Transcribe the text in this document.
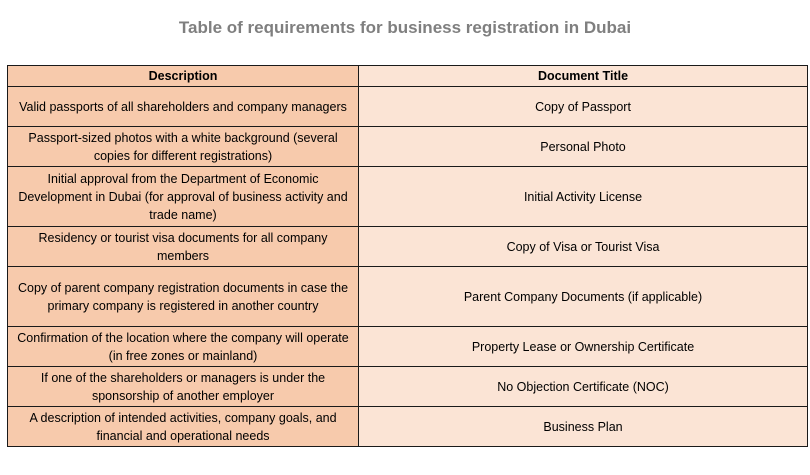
Table of requirements for business registration in Dubai
Description	Document Title
Valid passports of all shareholders and company managers	Copy of Passport
Passport-sized photos with a white background (several copies for different registrations)	Personal Photo
Initial approval from the Department of Economic Development in Dubai (for approval of business activity and trade name)	Initial Activity License
Residency or tourist visa documents for all company members	Copy of Visa or Tourist Visa
Copy of parent company registration documents in case the primary company is registered in another country	Parent Company Documents (if applicable)
Confirmation of the location where the company will operate (in free zones or mainland)	Property Lease or Ownership Certificate
If one of the shareholders or managers is under the sponsorship of another employer	No Objection Certificate (NOC)
A description of intended activities, company goals, and financial and operational needs	Business Plan
